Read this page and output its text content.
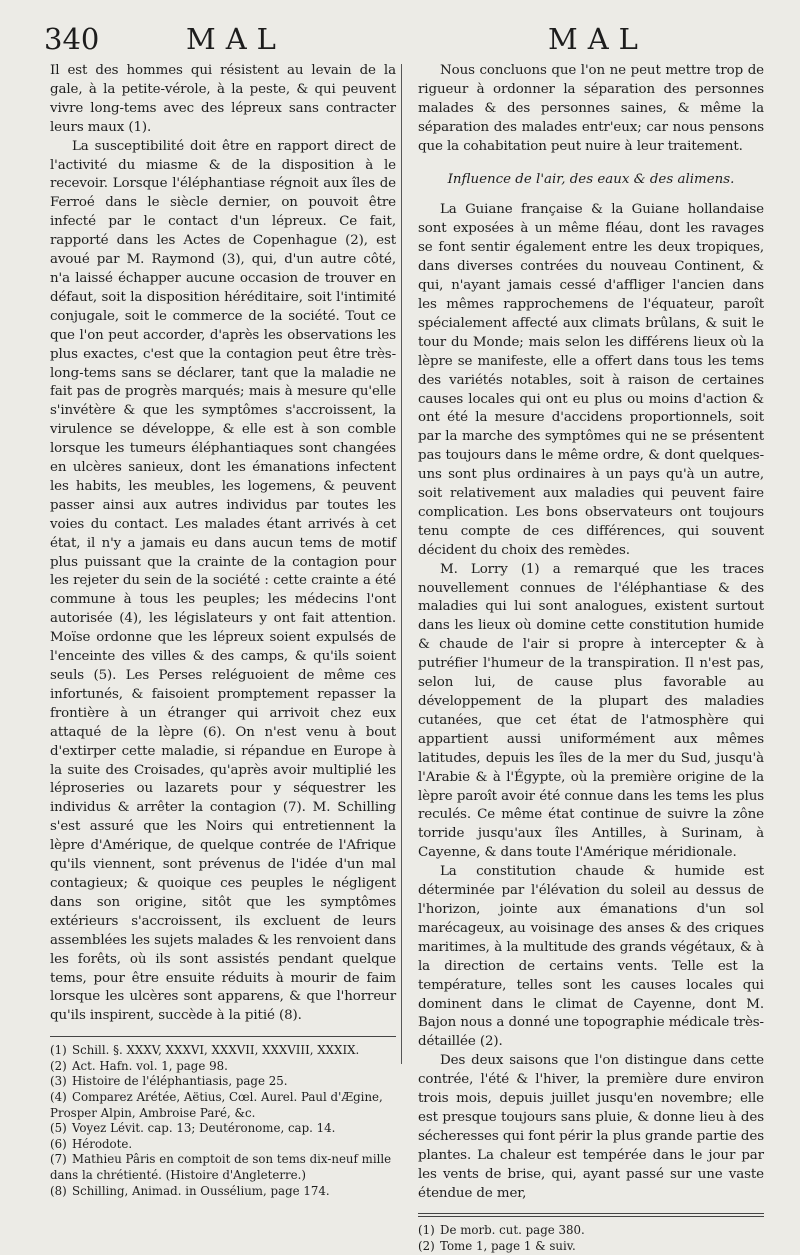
340	MAL	MAL

Il est des hommes qui résistent au levain de la gale, à la petite-vérole, à la peste, & qui peuvent vivre long-tems avec des lépreux sans contracter leurs maux (1).

La susceptibilité doit être en rapport direct de l'activité du miasme & de la disposition à le recevoir. Lorsque l'éléphantiase régnoit aux îles de Ferroé dans le siècle dernier, on pouvoit être infecté par le contact d'un lépreux. Ce fait, rapporté dans les Actes de Copenhague (2), est avoué par M. Raymond (3), qui, d'un autre côté, n'a laissé échapper aucune occasion de trouver en défaut, soit la disposition héréditaire, soit l'intimité conjugale, soit le commerce de la société. Tout ce que l'on peut accorder, d'après les observations les plus exactes, c'est que la contagion peut être très-long-tems sans se déclarer, tant que la maladie ne fait pas de progrès marqués; mais à mesure qu'elle s'invétère & que les symptômes s'accroissent, la virulence se développe, & elle est à son comble lorsque les tumeurs éléphantiaques sont changées en ulcères sanieux, dont les émanations infectent les habits, les meubles, les logemens, & peuvent passer ainsi aux autres individus par toutes les voies du contact. Les malades étant arrivés à cet état, il n'y a jamais eu dans aucun tems de motif plus puissant que la crainte de la contagion pour les rejeter du sein de la société : cette crainte a été commune à tous les peuples; les médecins l'ont autorisée (4), les législateurs y ont fait attention. Moïse ordonne que les lépreux soient expulsés de l'enceinte des villes & des camps, & qu'ils soient seuls (5). Les Perses reléguoient de même ces infortunés, & faisoient promptement repasser la frontière à un étranger qui arrivoit chez eux attaqué de la lèpre (6). On n'est venu à bout d'extirper cette maladie, si répandue en Europe à la suite des Croisades, qu'après avoir multiplié les léproseries ou lazarets pour y séquestrer les individus & arrêter la contagion (7). M. Schilling s'est assuré que les Noirs qui entretiennent la lèpre d'Amérique, de quelque contrée de l'Afrique qu'ils viennent, sont prévenus de l'idée d'un mal contagieux; & quoique ces peuples le négligent dans son origine, sitôt que les symptômes extérieurs s'accroissent, ils excluent de leurs assemblées les sujets malades & les renvoient dans les forêts, où ils sont assistés pendant quelque tems, pour être ensuite réduits à mourir de faim lorsque les ulcères sont apparens, & que l'horreur qu'ils inspirent, succède à la pitié (8).

(1) Schill. §. XXXV, XXXVI, XXXVII, XXXVIII, XXXIX.

(2) Act. Hafn. vol. 1, page 98.

(3) Histoire de l'éléphantiasis, page 25.

(4) Comparez Arétée, Aëtius, Cœl. Aurel. Paul d'Ægine, Prosper Alpin, Ambroise Paré, &c.

(5) Voyez Lévit. cap. 13; Deutéronome, cap. 14.

(6) Hérodote.

(7) Mathieu Pâris en comptoit de son tems dix-neuf mille dans la chrétienté. (Histoire d'Angleterre.)

(8) Schilling, Animad. in Oussélium, page 174.

Nous concluons que l'on ne peut mettre trop de rigueur à ordonner la séparation des personnes malades & des personnes saines, & même la séparation des malades entr'eux; car nous pensons que la cohabitation peut nuire à leur traitement.

Influence de l'air, des eaux & des alimens.

La Guiane française & la Guiane hollandaise sont exposées à un même fléau, dont les ravages se font sentir également entre les deux tropiques, dans diverses contrées du nouveau Continent, & qui, n'ayant jamais cessé d'affliger l'ancien dans les mêmes rapprochemens de l'équateur, paroît spécialement affecté aux climats brûlans, & suit le tour du Monde; mais selon les différens lieux où la lèpre se manifeste, elle a offert dans tous les tems des variétés notables, soit à raison de certaines causes locales qui ont eu plus ou moins d'action & ont été la mesure d'accidens proportionnels, soit par la marche des symptômes qui ne se présentent pas toujours dans le même ordre, & dont quelques-uns sont plus ordinaires à un pays qu'à un autre, soit relativement aux maladies qui peuvent faire complication. Les bons observateurs ont toujours tenu compte de ces différences, qui souvent décident du choix des remèdes.

M. Lorry (1) a remarqué que les traces nouvellement connues de l'éléphantiase & des maladies qui lui sont analogues, existent surtout dans les lieux où domine cette constitution humide & chaude de l'air si propre à intercepter & à putréfier l'humeur de la transpiration. Il n'est pas, selon lui, de cause plus favorable au développement de la plupart des maladies cutanées, que cet état de l'atmosphère qui appartient aussi uniformément aux mêmes latitudes, depuis les îles de la mer du Sud, jusqu'à l'Arabie & à l'Égypte, où la première origine de la lèpre paroît avoir été connue dans les tems les plus reculés. Ce même état continue de suivre la zône torride jusqu'aux îles Antilles, à Surinam, à Cayenne, & dans toute l'Amérique méridionale.

La constitution chaude & humide est déterminée par l'élévation du soleil au dessus de l'horizon, jointe aux émanations d'un sol marécageux, au voisinage des anses & des criques maritimes, à la multitude des grands végétaux, & à la direction de certains vents. Telle est la température, telles sont les causes locales qui dominent dans le climat de Cayenne, dont M. Bajon nous a donné une topographie médicale très-détaillée (2).

Des deux saisons que l'on distingue dans cette contrée, l'été & l'hiver, la première dure environ trois mois, depuis juillet jusqu'en novembre; elle est presque toujours sans pluie, & donne lieu à des sécheresses qui font périr la plus grande partie des plantes. La chaleur est tempérée dans le jour par les vents de brise, qui, ayant passé sur une vaste étendue de mer,

(1) De morb. cut. page 380.

(2) Tome 1, page 1 & suiv.
